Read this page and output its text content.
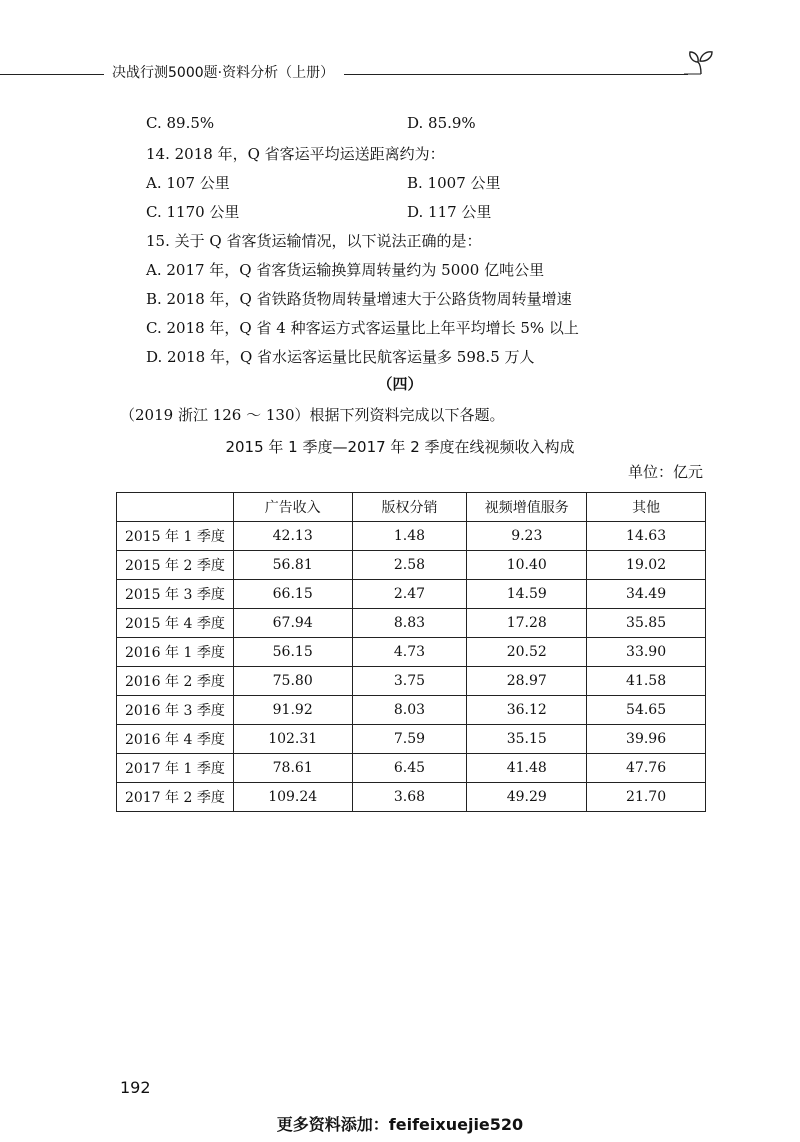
决战行测5000题·资料分析（上册）
C. 89.5%	D. 85.9%
14. 2018 年，Q 省客运平均运送距离约为：
A. 107 公里	B. 1007 公里
C. 1170 公里	D. 117 公里
15. 关于 Q 省客货运输情况，以下说法正确的是：
A. 2017 年，Q 省客货运输换算周转量约为 5000 亿吨公里
B. 2018 年，Q 省铁路货物周转量增速大于公路货物周转量增速
C. 2018 年，Q 省 4 种客运方式客运量比上年平均增长 5% 以上
D. 2018 年，Q 省水运客运量比民航客运量多 598.5 万人
（四）
（2019 浙江 126 ～ 130）根据下列资料完成以下各题。
2015 年 1 季度—2017 年 2 季度在线视频收入构成
单位：亿元
	广告收入	版权分销	视频增值服务	其他
2015 年 1 季度	42.13	1.48	9.23	14.63
2015 年 2 季度	56.81	2.58	10.40	19.02
2015 年 3 季度	66.15	2.47	14.59	34.49
2015 年 4 季度	67.94	8.83	17.28	35.85
2016 年 1 季度	56.15	4.73	20.52	33.90
2016 年 2 季度	75.80	3.75	28.97	41.58
2016 年 3 季度	91.92	8.03	36.12	54.65
2016 年 4 季度	102.31	7.59	35.15	39.96
2017 年 1 季度	78.61	6.45	41.48	47.76
2017 年 2 季度	109.24	3.68	49.29	21.70
192
更多资料添加：feifeixuejie520
